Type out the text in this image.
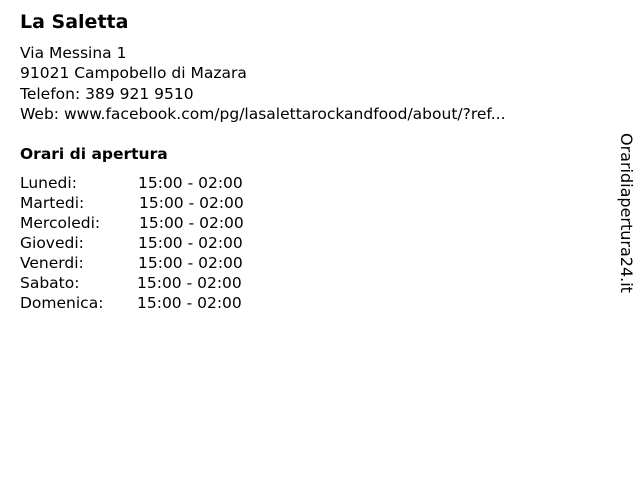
La Saletta
Via Messina 1
91021 Campobello di Mazara
Telefon: 389 921 9510
Web: www.facebook.com/pg/lasalettarockandfood/about/?ref...
Orari di apertura
Lunedi:	15:00 - 02:00
Martedi:	15:00 - 02:00
Mercoledi:	15:00 - 02:00
Giovedi:	15:00 - 02:00
Venerdi:	15:00 - 02:00
Sabato:	15:00 - 02:00
Domenica: 15:00 - 02:00
Oraridiapertura24.it
